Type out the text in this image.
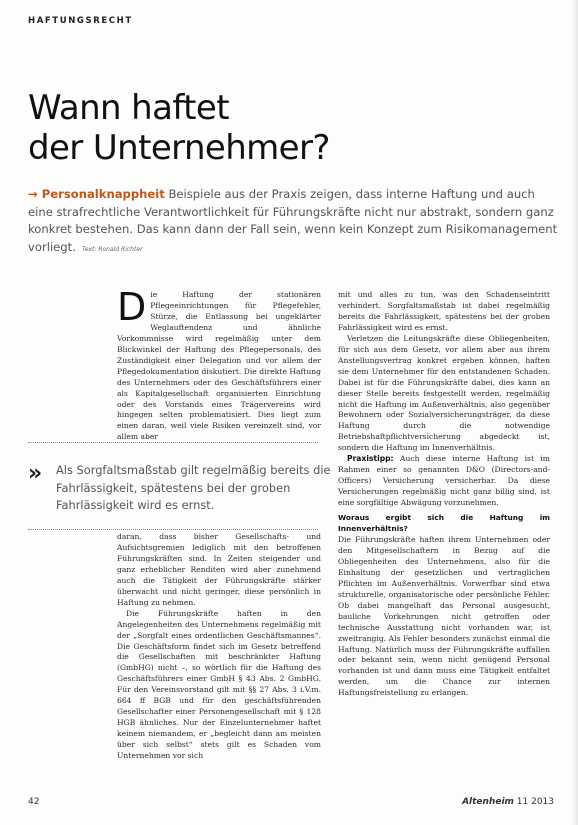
HAFTUNGSRECHT
Wann haftet
der Unternehmer?
→ Personalknappheit Beispiele aus der Praxis zeigen, dass interne Haftung und auch eine strafrechtliche Verantwortlichkeit für Führungskräfte nicht nur abstrakt, sondern ganz konkret bestehen. Das kann dann der Fall sein, wenn kein Konzept zum Risikomanagement vorliegt. Text: Ronald Richter

Die Haftung der stationären Pflegeeinrichtungen für Pflegefehler, Stürze, die Entlassung bei ungeklärter Weglauftendenz und ähnliche Vorkommnisse wird regelmäßig unter dem Blickwinkel der Haftung des Pflegepersonals, des Zuständigkeit einer Delegation und vor allem der Pflegedokumentation diskutiert. Die direkte Haftung des Unternehmers oder des Geschäftsführers einer als Kapitalgesellschaft organisierten Einrichtung oder des Vorstands eines Trägervereins wird hingegen selten problematisiert. Dies liegt zum einen daran, weil viele Risiken vereinzelt sind, vor allem aber

» Als Sorgfaltsmaßstab gilt regelmäßig bereits die Fahrlässigkeit, spätestens bei der groben Fahrlässigkeit wird es ernst.

daran, dass bisher Gesellschafts- und Aufsichtsgremien lediglich mit den betroffenen Führungskräften sind. In Zeiten steigender und ganz erheblicher Renditen wird aber zunehmend auch die Tätigkeit der Führungskräfte stärker überwacht und nicht geringer, diese persönlich in Haftung zu nehmen.

Die Führungskräfte haften in den Angelegenheiten des Unternehmens regelmäßig mit der „Sorgfalt eines ordentlichen Geschäftsmannes“. Die Geschäftsform findet sich im Gesetz betreffend die Gesellschaften mit beschränkter Haftung (GmbHG) nicht –, so wörtlich für die Haftung des Geschäftsführers einer GmbH § 43 Abs. 2 GmbHG. Für den Vereinsvorstand gilt mit §§ 27 Abs. 3 i.V.m. 664 ff BGB und für den geschäftsführenden Gesellschafter einer Personengesellschaft mit § 128 HGB ähnliches. Nur der Einzelunternehmer haftet keinem niemandem, er „begleicht dann am meisten über sich selbst“ stets gilt es Schaden vom Unternehmen vor sich

mit und alles zu tun, was den Schadenseintritt verhindert. Sorgfaltsmaßstab ist dabei regelmäßig bereits die Fahrlässigkeit, spätestens bei der groben Fahrlässigkeit wird es ernst.

Verletzen die Leitungskräfte diese Obliegenheiten, für sich aus dem Gesetz, vor allem aber aus ihrem Anstellungsvertrag konkret ergeben können, haften sie dem Unternehmer für den entstandenen Schaden. Dabei ist für die Führungskräfte dabei, dies kann an dieser Stelle bereits festgestellt werden, regelmäßig nicht die Haftung im Außenverhältnis, also gegenüber Bewohnern oder Sozialversicherungsträger, da diese Haftung durch die notwendige Betriebshaftpflichtversicherung abgedeckt ist, sondern die Haftung im Innenverhältnis.

Praxistipp: Auch diese interne Haftung ist im Rahmen einer so genannten D&O (Directors-and-Officers) Versicherung versicherbar. Da diese Versicherungen regelmäßig nicht ganz billig sind, ist eine sorgfältige Abwägung vorzunehmen.

Woraus ergibt sich die Haftung im Innenverhältnis?

Die Führungskräfte haften ihrem Unternehmen oder den Mitgesellschaftern in Bezug auf die Obliegenheiten des Unternehmens, also für die Einhaltung der gesetzlichen und vertraglichen Pflichten im Außenverhältnis. Vorwerfbar sind etwa strukturelle, organisatorische oder persönliche Fehler. Ob dabei mangelhaft das Personal ausgesucht, bauliche Vorkehrungen nicht getroffen oder technische Ausstattung nicht vorhanden war, ist zweitrangig. Als Fehler besonders zunächst einmal die Haftung. Natürlich muss der Führungskräfte auffallen oder bekannt sein, wenn nicht genügend Personal vorhanden ist und dann muss eine Tätigkeit entfaltet werden, um die Chance zur internen Haftungsfreistellung zu erlangen.

42	Altenheim 11 2013
